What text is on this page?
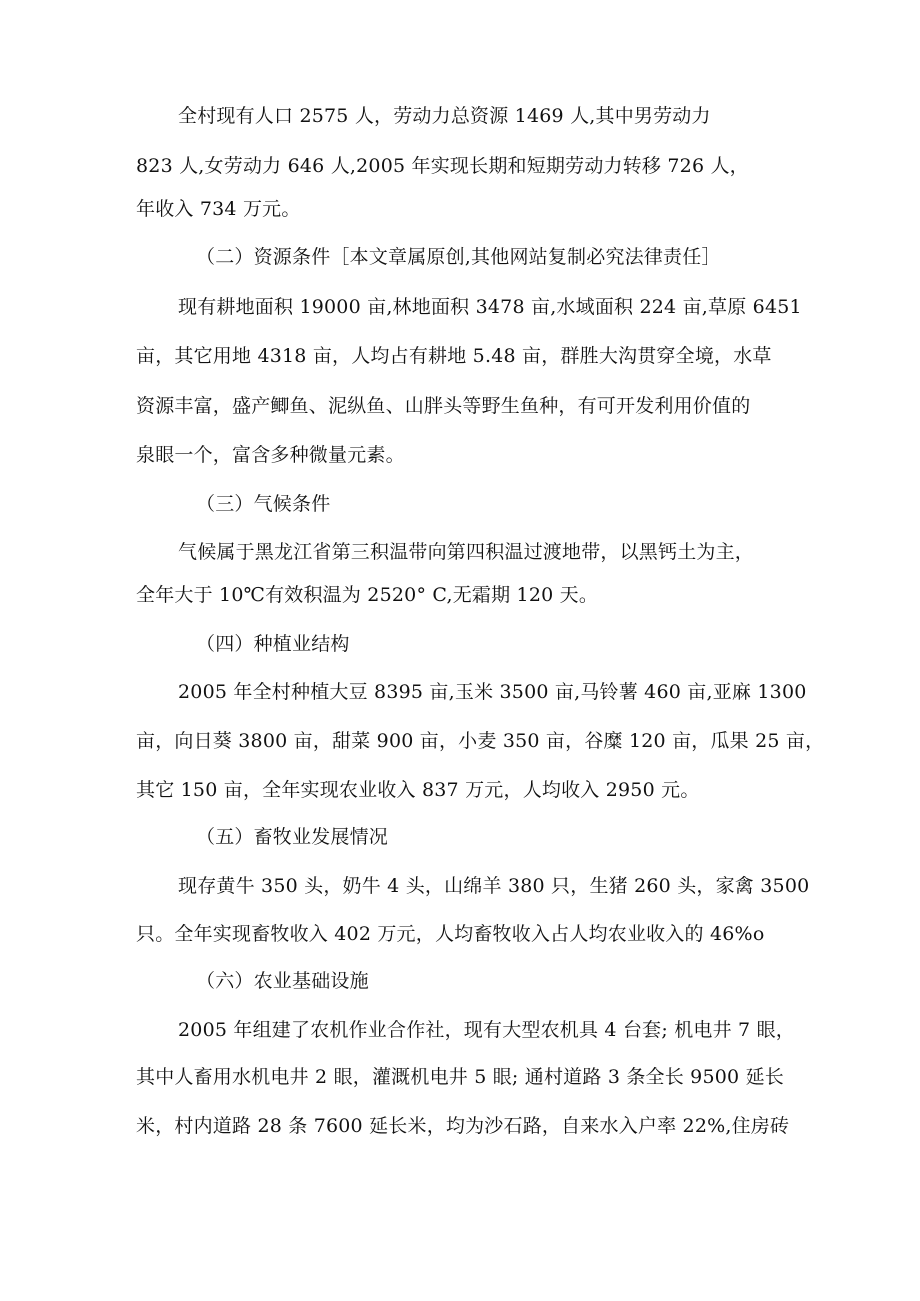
全村现有人口 2575 人，劳动力总资源 1469 人,其中男劳动力
823 人,女劳动力 646 人,2005 年实现长期和短期劳动力转移 726 人，
年收入 734 万元。
（二）资源条件［本文章属原创,其他网站复制必究法律责任］
现有耕地面积 19000 亩,林地面积 3478 亩,水域面积 224 亩,草原 6451
亩，其它用地 4318 亩，人均占有耕地 5.48 亩，群胜大沟贯穿全境，水草
资源丰富，盛产鲫鱼、泥纵鱼、山胖头等野生鱼种，有可开发利用价值的
泉眼一个，富含多种微量元素。
（三）气候条件
气候属于黑龙江省第三积温带向第四积温过渡地带，以黑钙土为主，
全年大于 10℃有效积温为 2520° C,无霜期 120 天。
（四）种植业结构
2005 年全村种植大豆 8395 亩,玉米 3500 亩,马铃薯 460 亩,亚麻 1300
亩，向日葵 3800 亩，甜菜 900 亩，小麦 350 亩，谷糜 120 亩，瓜果 25 亩，
其它 150 亩，全年实现农业收入 837 万元，人均收入 2950 元。
（五）畜牧业发展情况
现存黄牛 350 头，奶牛 4 头，山绵羊 380 只，生猪 260 头，家禽 3500
只。全年实现畜牧收入 402 万元，人均畜牧收入占人均农业收入的 46%o
（六）农业基础设施
2005 年组建了农机作业合作社，现有大型农机具 4 台套; 机电井 7 眼，
其中人畜用水机电井 2 眼，灌溉机电井 5 眼; 通村道路 3 条全长 9500 延长
米，村内道路 28 条 7600 延长米，均为沙石路，自来水入户率 22%,住房砖
